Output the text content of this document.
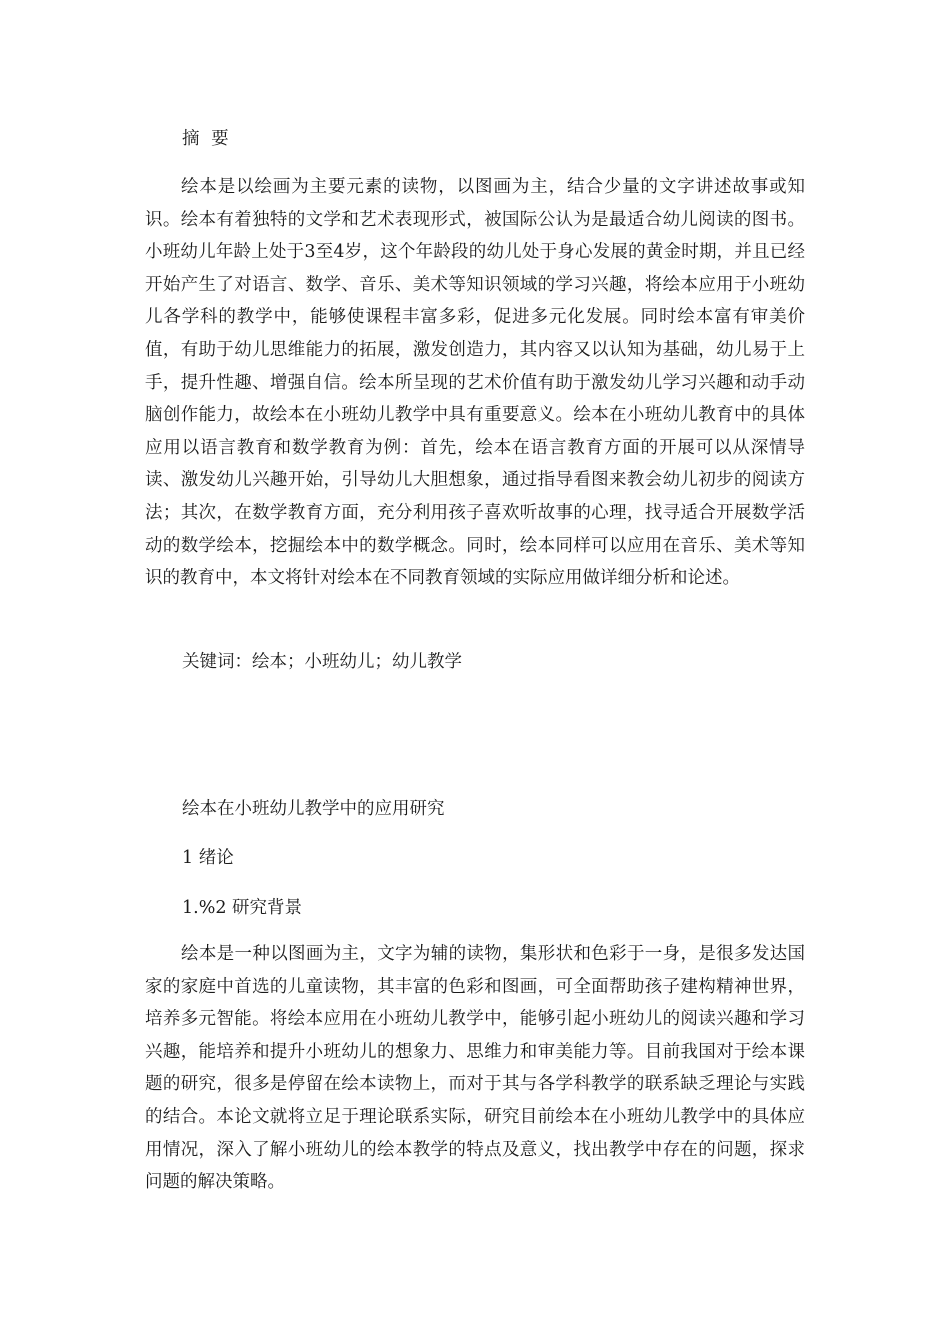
摘 要

绘本是以绘画为主要元素的读物，以图画为主，结合少量的文字讲述故事或知识。绘本有着独特的文学和艺术表现形式，被国际公认为是最适合幼儿阅读的图书。小班幼儿年龄上处于3至4岁，这个年龄段的幼儿处于身心发展的黄金时期，并且已经开始产生了对语言、数学、音乐、美术等知识领域的学习兴趣，将绘本应用于小班幼儿各学科的教学中，能够使课程丰富多彩，促进多元化发展。同时绘本富有审美价值，有助于幼儿思维能力的拓展，激发创造力，其内容又以认知为基础，幼儿易于上手，提升性趣、增强自信。绘本所呈现的艺术价值有助于激发幼儿学习兴趣和动手动脑创作能力，故绘本在小班幼儿教学中具有重要意义。绘本在小班幼儿教育中的具体应用以语言教育和数学教育为例：首先，绘本在语言教育方面的开展可以从深情导读、激发幼儿兴趣开始，引导幼儿大胆想象，通过指导看图来教会幼儿初步的阅读方法；其次，在数学教育方面，充分利用孩子喜欢听故事的心理，找寻适合开展数学活动的数学绘本，挖掘绘本中的数学概念。同时，绘本同样可以应用在音乐、美术等知识的教育中，本文将针对绘本在不同教育领域的实际应用做详细分析和论述。

关键词：绘本；小班幼儿；幼儿教学
绘本在小班幼儿教学中的应用研究
1 绪论
1.%2 研究背景

绘本是一种以图画为主，文字为辅的读物，集形状和色彩于一身，是很多发达国家的家庭中首选的儿童读物，其丰富的色彩和图画，可全面帮助孩子建构精神世界，培养多元智能。将绘本应用在小班幼儿教学中，能够引起小班幼儿的阅读兴趣和学习兴趣，能培养和提升小班幼儿的想象力、思维力和审美能力等。目前我国对于绘本课题的研究，很多是停留在绘本读物上，而对于其与各学科教学的联系缺乏理论与实践的结合。本论文就将立足于理论联系实际，研究目前绘本在小班幼儿教学中的具体应用情况，深入了解小班幼儿的绘本教学的特点及意义，找出教学中存在的问题，探求问题的解决策略。
